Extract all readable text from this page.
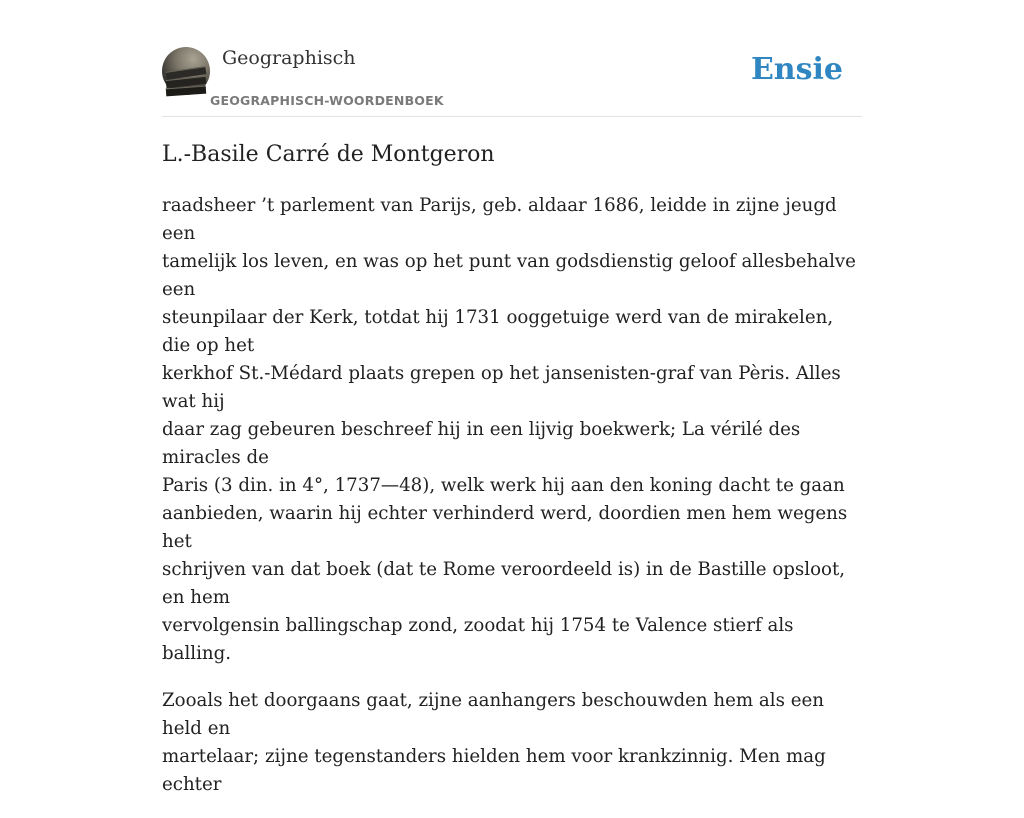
Geographisch
GEOGRAPHISCH-WOORDENBOEK
Ensie
L.-Basile Carré de Montgeron

raadsheer ’t parlement van Parijs, geb. aldaar 1686, leidde in zijne jeugd een
tamelijk los leven, en was op het punt van godsdienstig geloof allesbehalve een
steunpilaar der Kerk, totdat hij 1731 ooggetuige werd van de mirakelen, die op het
kerkhof St.-Médard plaats grepen op het jansenisten-graf van Pèris. Alles wat hij
daar zag gebeuren beschreef hij in een lijvig boekwerk; La vérilé des miracles de
Paris (3 din. in 4°, 1737—48), welk werk hij aan den koning dacht te gaan
aanbieden, waarin hij echter verhinderd werd, doordien men hem wegens het
schrijven van dat boek (dat te Rome veroordeeld is) in de Bastille opsloot, en hem
vervolgensin ballingschap zond, zoodat hij 1754 te Valence stierf als balling.

Zooals het doorgaans gaat, zijne aanhangers beschouwden hem als een held en
martelaar; zijne tegenstanders hielden hem voor krankzinnig. Men mag echter
